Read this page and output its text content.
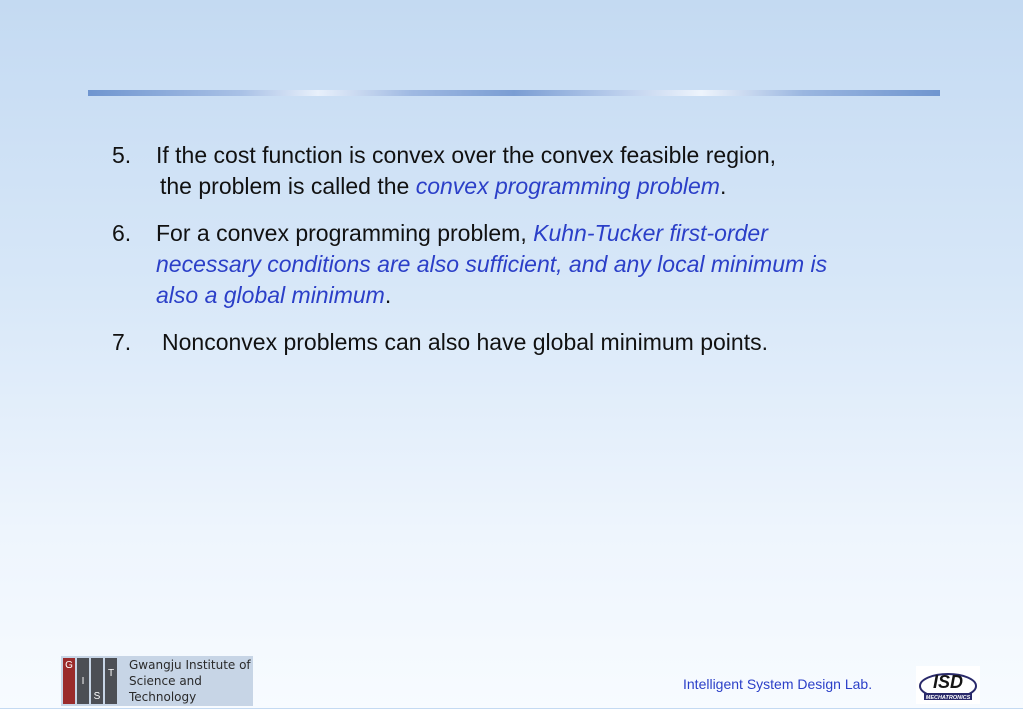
5. If the cost function is convex over the convex feasible region,
the problem is called the convex programming problem.
6.	For a convex programming problem, Kuhn-Tucker first-order necessary conditions are also sufficient, and any local minimum is also a global minimum.
7.	Nonconvex problems can also have global minimum points.
G
I
S
T
Gwangju Institute of
Science and Technology
Intelligent System Design Lab.	ISD
MECHATRONICS
